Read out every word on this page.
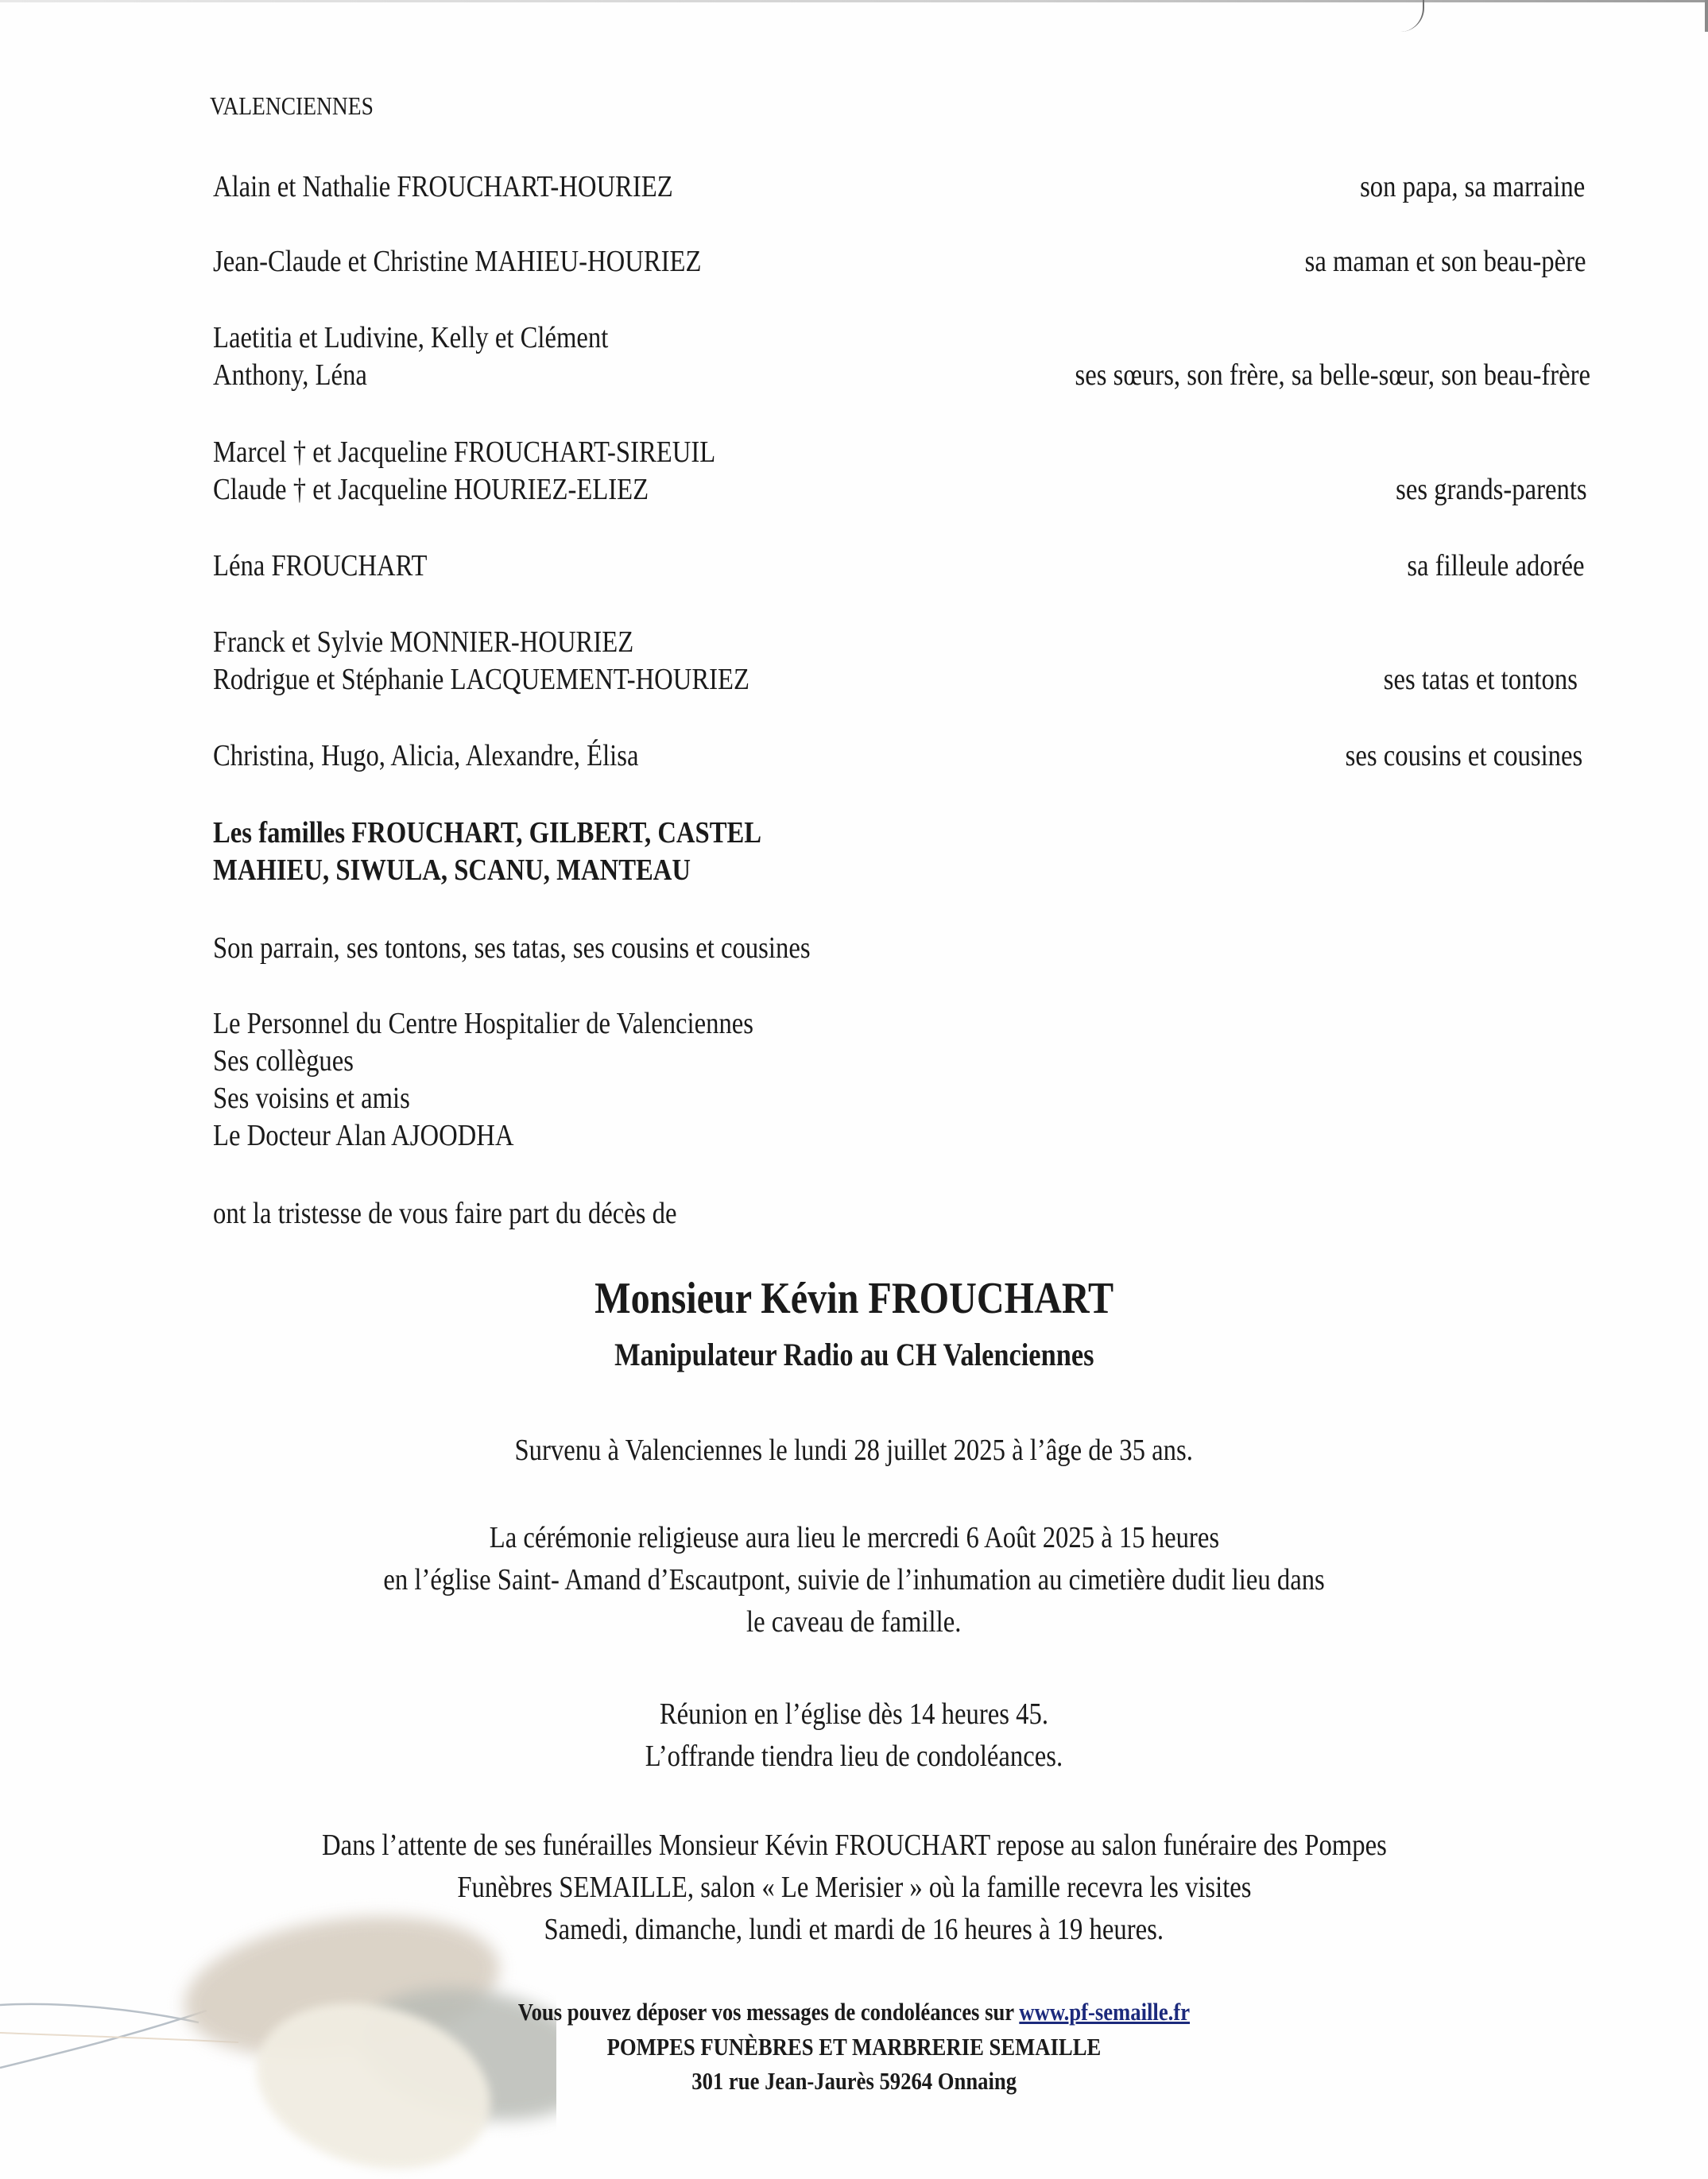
VALENCIENNES
Alain et Nathalie FROUCHART-HOURIEZ	son papa, sa marraine
Jean-Claude et Christine MAHIEU-HOURIEZ	sa maman et son beau-père
Laetitia et Ludivine, Kelly et Clément
Anthony, Léna	ses sœurs, son frère, sa belle-sœur, son beau-frère
Marcel † et Jacqueline FROUCHART-SIREUIL
Claude † et Jacqueline HOURIEZ-ELIEZ	ses grands-parents
Léna FROUCHART	sa filleule adorée
Franck et Sylvie MONNIER-HOURIEZ
Rodrigue et Stéphanie LACQUEMENT-HOURIEZ	ses tatas et tontons
Christina, Hugo, Alicia, Alexandre, Élisa	ses cousins et cousines
Les familles FROUCHART, GILBERT, CASTEL
MAHIEU, SIWULA, SCANU, MANTEAU
Son parrain, ses tontons, ses tatas, ses cousins et cousines
Le Personnel du Centre Hospitalier de Valenciennes
Ses collègues
Ses voisins et amis
Le Docteur Alan AJOODHA
ont la tristesse de vous faire part du décès de
Monsieur Kévin FROUCHART
Manipulateur Radio au CH Valenciennes
Survenu à Valenciennes le lundi 28 juillet 2025 à l’âge de 35 ans.
La cérémonie religieuse aura lieu le mercredi 6 Août 2025 à 15 heures
en l’église Saint- Amand d’Escautpont, suivie de l’inhumation au cimetière dudit lieu dans
le caveau de famille.
Réunion en l’église dès 14 heures 45.
L’offrande tiendra lieu de condoléances.
Dans l’attente de ses funérailles Monsieur Kévin FROUCHART repose au salon funéraire des Pompes
Funèbres SEMAILLE, salon « Le Merisier » où la famille recevra les visites
Samedi, dimanche, lundi et mardi de 16 heures à 19 heures.
Vous pouvez déposer vos messages de condoléances sur www.pf-semaille.fr
POMPES FUNÈBRES ET MARBRERIE SEMAILLE
301 rue Jean-Jaurès 59264 Onnaing
